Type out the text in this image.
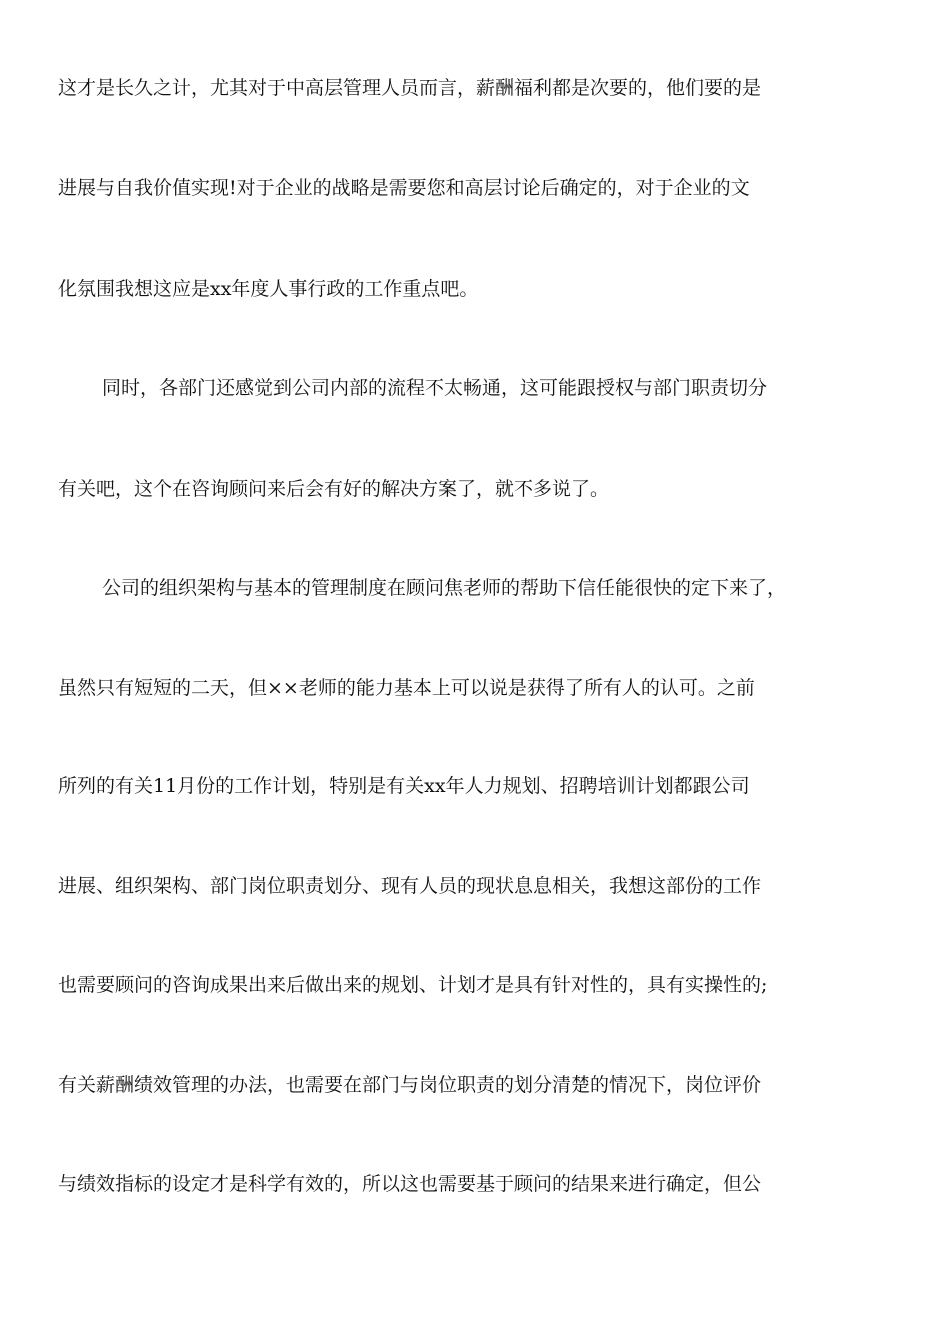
这才是长久之计，尤其对于中高层管理人员而言，薪酬福利都是次要的，他们要的是
进展与自我价值实现!对于企业的战略是需要您和高层讨论后确定的，对于企业的文
化氛围我想这应是xx年度人事行政的工作重点吧。
同时，各部门还感觉到公司内部的流程不太畅通，这可能跟授权与部门职责切分
有关吧，这个在咨询顾问来后会有好的解决方案了，就不多说了。
公司的组织架构与基本的管理制度在顾问焦老师的帮助下信任能很快的定下来了，
虽然只有短短的二天，但××老师的能力基本上可以说是获得了所有人的认可。之前
所列的有关11月份的工作计划，特别是有关xx年人力规划、招聘培训计划都跟公司
进展、组织架构、部门岗位职责划分、现有人员的现状息息相关，我想这部份的工作
也需要顾问的咨询成果出来后做出来的规划、计划才是具有针对性的，具有实操性的;
有关薪酬绩效管理的办法，也需要在部门与岗位职责的划分清楚的情况下，岗位评价
与绩效指标的设定才是科学有效的，所以这也需要基于顾问的结果来进行确定，但公
